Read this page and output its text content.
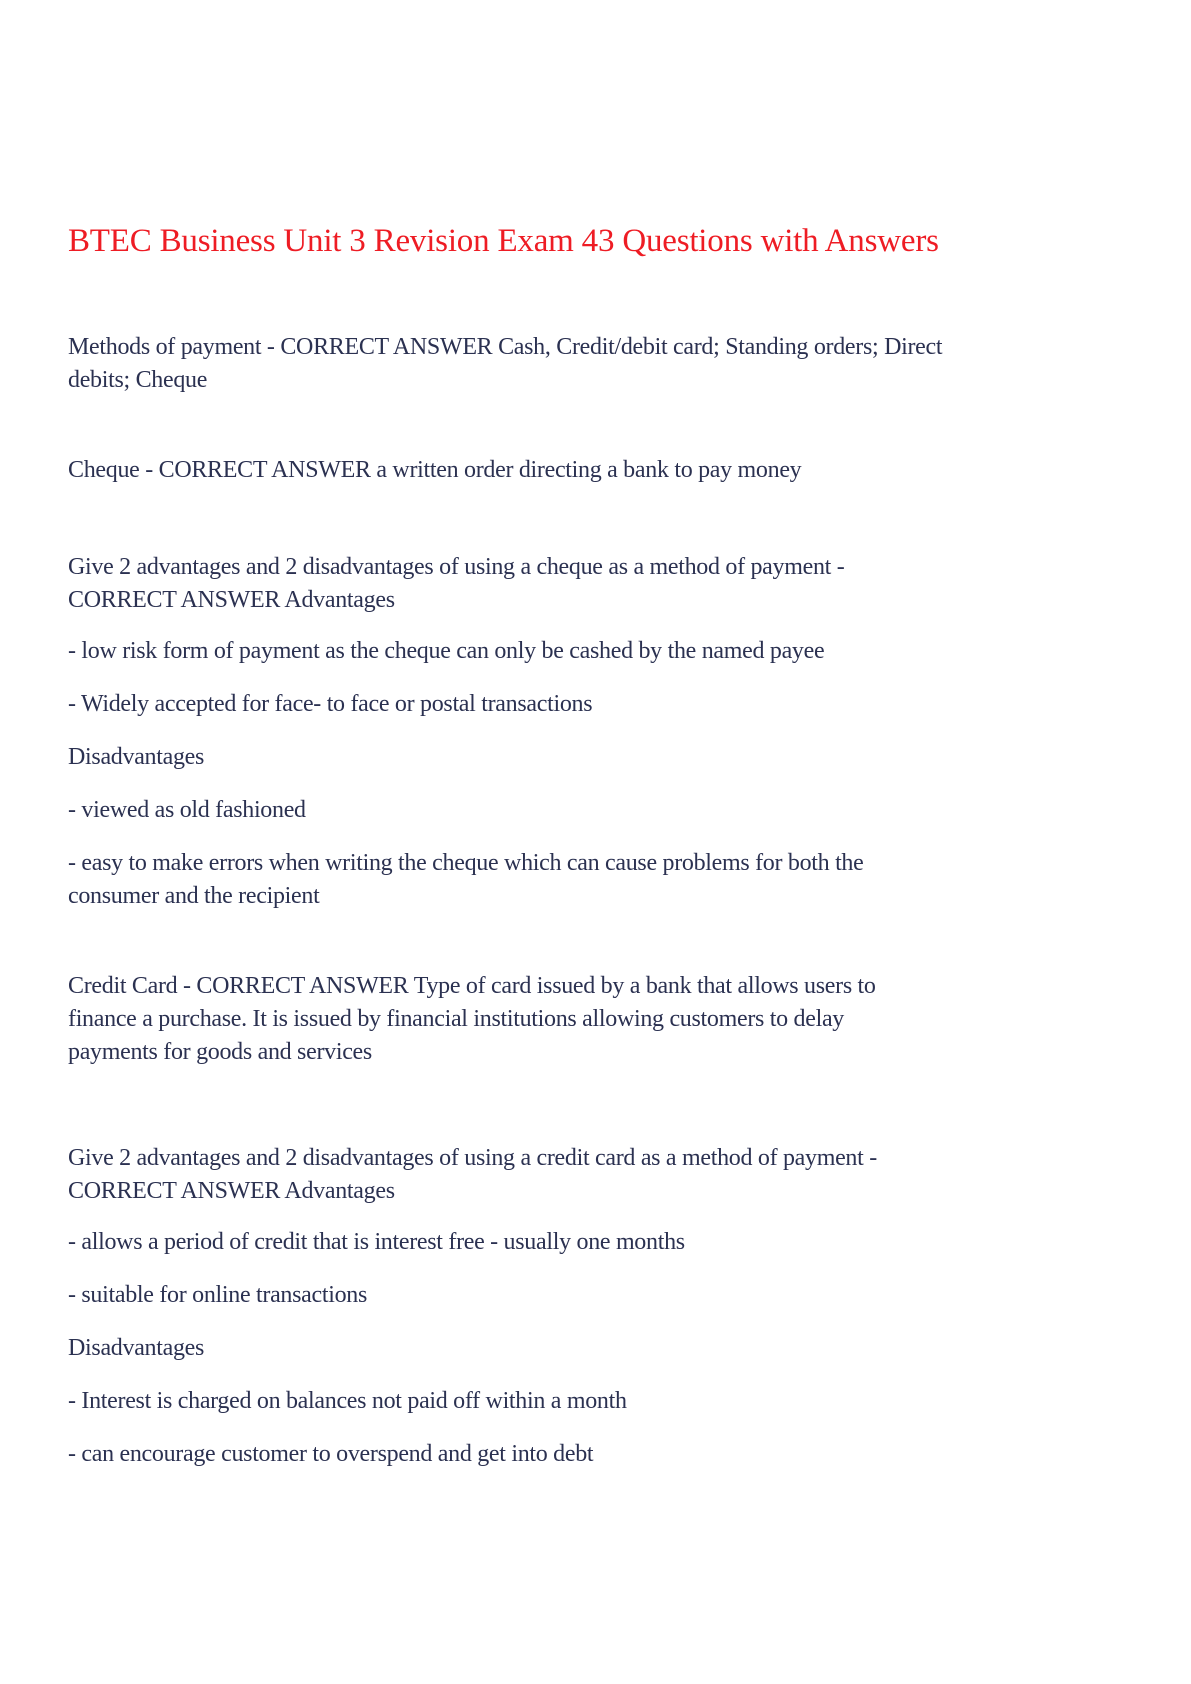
BTEC Business Unit 3 Revision Exam 43 Questions with Answers
Methods of payment - CORRECT ANSWER Cash, Credit/debit card; Standing orders; Direct
debits; Cheque
Cheque - CORRECT ANSWER a written order directing a bank to pay money
Give 2 advantages and 2 disadvantages of using a cheque as a method of payment -
CORRECT ANSWER Advantages
- low risk form of payment as the cheque can only be cashed by the named payee
- Widely accepted for face- to face or postal transactions
Disadvantages
- viewed as old fashioned
- easy to make errors when writing the cheque which can cause problems for both the
consumer and the recipient
Credit Card - CORRECT ANSWER Type of card issued by a bank that allows users to
finance a purchase. It is issued by financial institutions allowing customers to delay
payments for goods and services
Give 2 advantages and 2 disadvantages of using a credit card as a method of payment -
CORRECT ANSWER Advantages
- allows a period of credit that is interest free - usually one months
- suitable for online transactions
Disadvantages
- Interest is charged on balances not paid off within a month
- can encourage customer to overspend and get into debt
